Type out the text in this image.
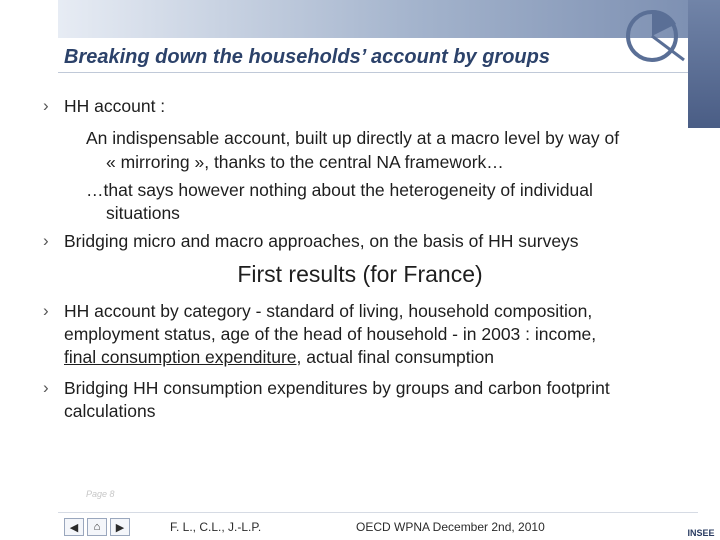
Breaking down the households’ account by groups
› HH account :
An indispensable account, built up directly at a macro level by way of
« mirroring », thanks to the central NA framework…
…that says however nothing about the heterogeneity of individual
situations
› Bridging micro and macro approaches, on the basis of HH surveys
First results (for France)
› HH account by category - standard of living, household composition,
employment status, age of the head of household - in 2003 : income,
final consumption expenditure, actual final consumption
› Bridging HH consumption expenditures by groups and carbon footprint
calculations
Page 8
◀ ⌂ ▶	F. L., C.L., J.-L.P.	OECD WPNA December 2nd, 2010	INSEE
